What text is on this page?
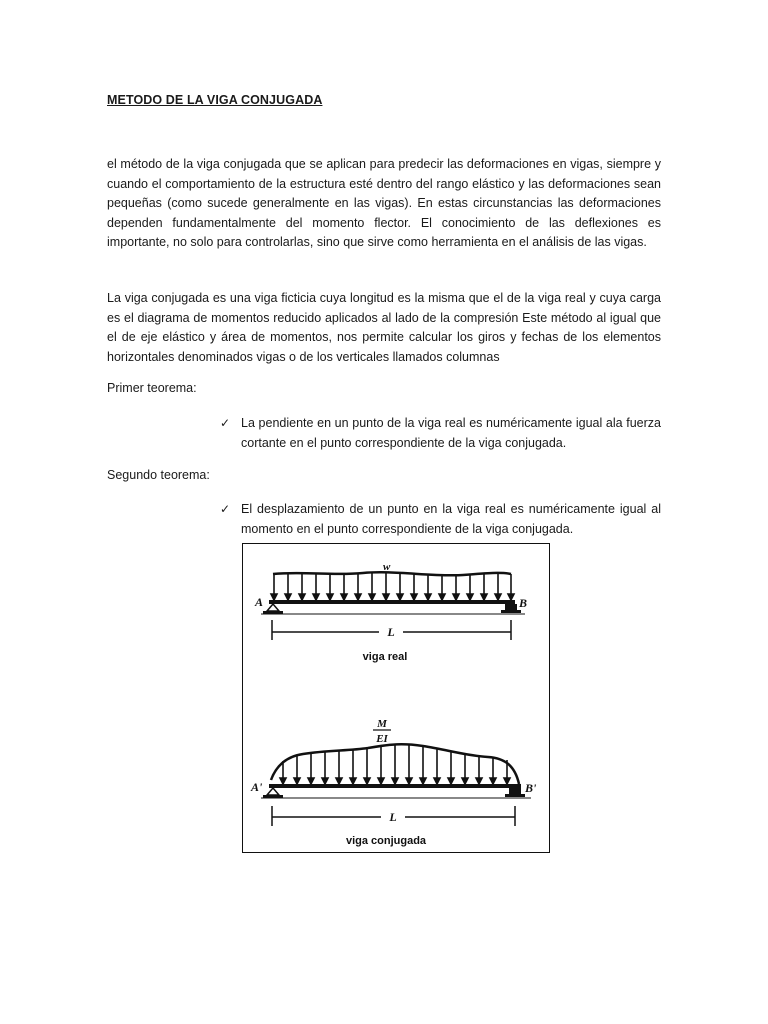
METODO DE LA VIGA CONJUGADA

el método de la viga conjugada que se aplican para predecir las deformaciones en vigas, siempre y cuando el comportamiento de la estructura esté dentro del rango elástico y las deformaciones sean pequeñas (como sucede generalmente en las vigas). En estas circunstancias las deformaciones dependen fundamentalmente del momento flector. El conocimiento de las deflexiones es importante, no solo para controlarlas, sino que sirve como herramienta en el análisis de las vigas.

La viga conjugada es una viga ficticia cuya longitud es la misma que el de la viga real y cuya carga es el diagrama de momentos reducido aplicados al lado de la compresión Este método al igual que el de eje elástico y área de momentos, nos permite calcular los giros y fechas de los elementos horizontales denominados vigas o de los verticales llamados columnas

Primer teorema:
✓ La pendiente en un punto de la viga real es numéricamente igual ala fuerza cortante en el punto correspondiente de la viga conjugada.
Segundo teorema:
✓ El desplazamiento de un punto en la viga real es numéricamente igual al momento en el punto correspondiente de la viga conjugada.
w
A	B
L
viga real
M
EI
A'	B'
L
viga conjugada
